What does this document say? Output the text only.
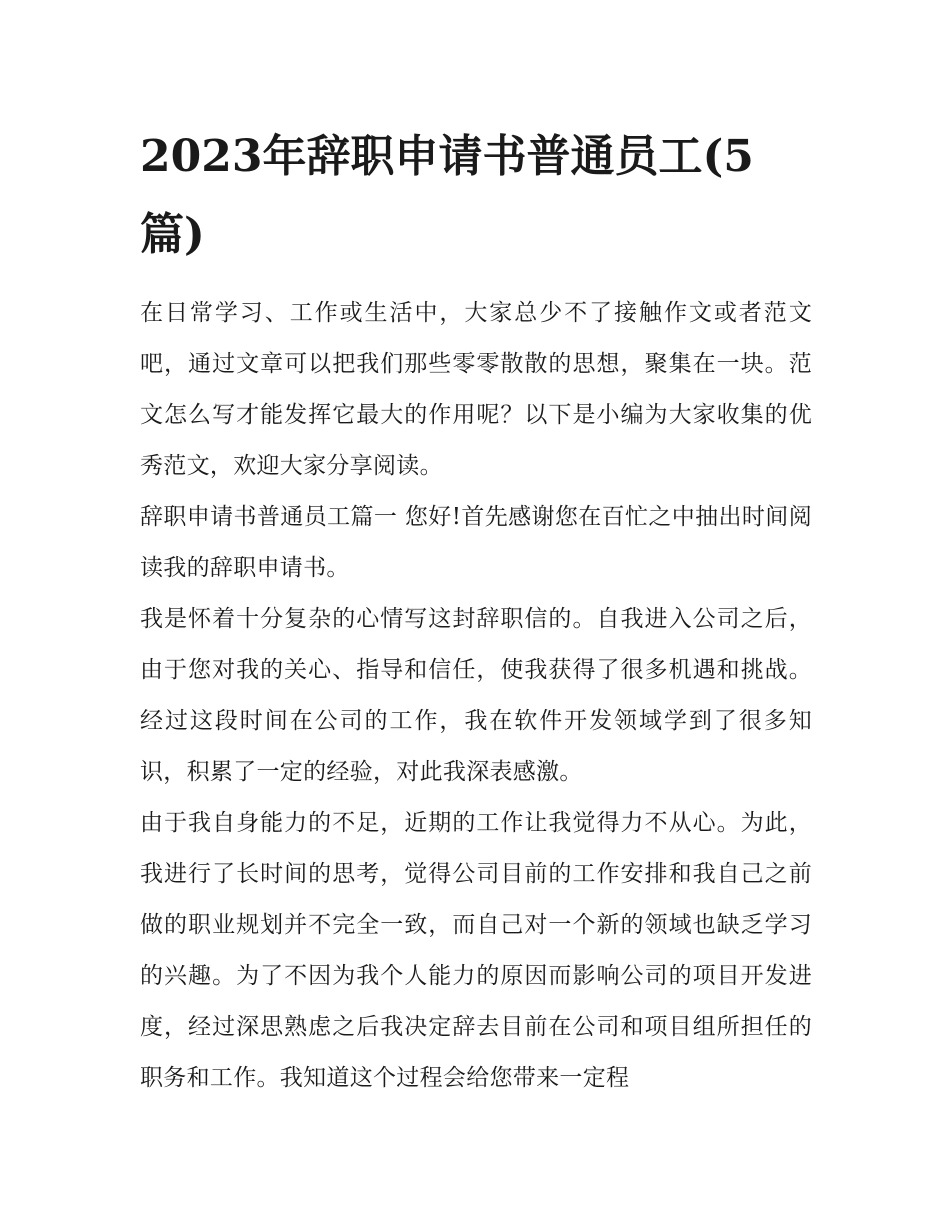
2023年辞职申请书普通员工(5篇)

在日常学习、工作或生活中，大家总少不了接触作文或者范文吧，通过文章可以把我们那些零零散散的思想，聚集在一块。范文怎么写才能发挥它最大的作用呢？以下是小编为大家收集的优秀范文，欢迎大家分享阅读。

辞职申请书普通员工篇一 您好!首先感谢您在百忙之中抽出时间阅读我的辞职申请书。

我是怀着十分复杂的心情写这封辞职信的。自我进入公司之后，由于您对我的关心、指导和信任，使我获得了很多机遇和挑战。经过这段时间在公司的工作，我在软件开发领域学到了很多知识，积累了一定的经验，对此我深表感激。

由于我自身能力的不足，近期的工作让我觉得力不从心。为此，我进行了长时间的思考，觉得公司目前的工作安排和我自己之前做的职业规划并不完全一致，而自己对一个新的领域也缺乏学习的兴趣。为了不因为我个人能力的原因而影响公司的项目开发进度，经过深思熟虑之后我决定辞去目前在公司和项目组所担任的职务和工作。我知道这个过程会给您带来一定程
